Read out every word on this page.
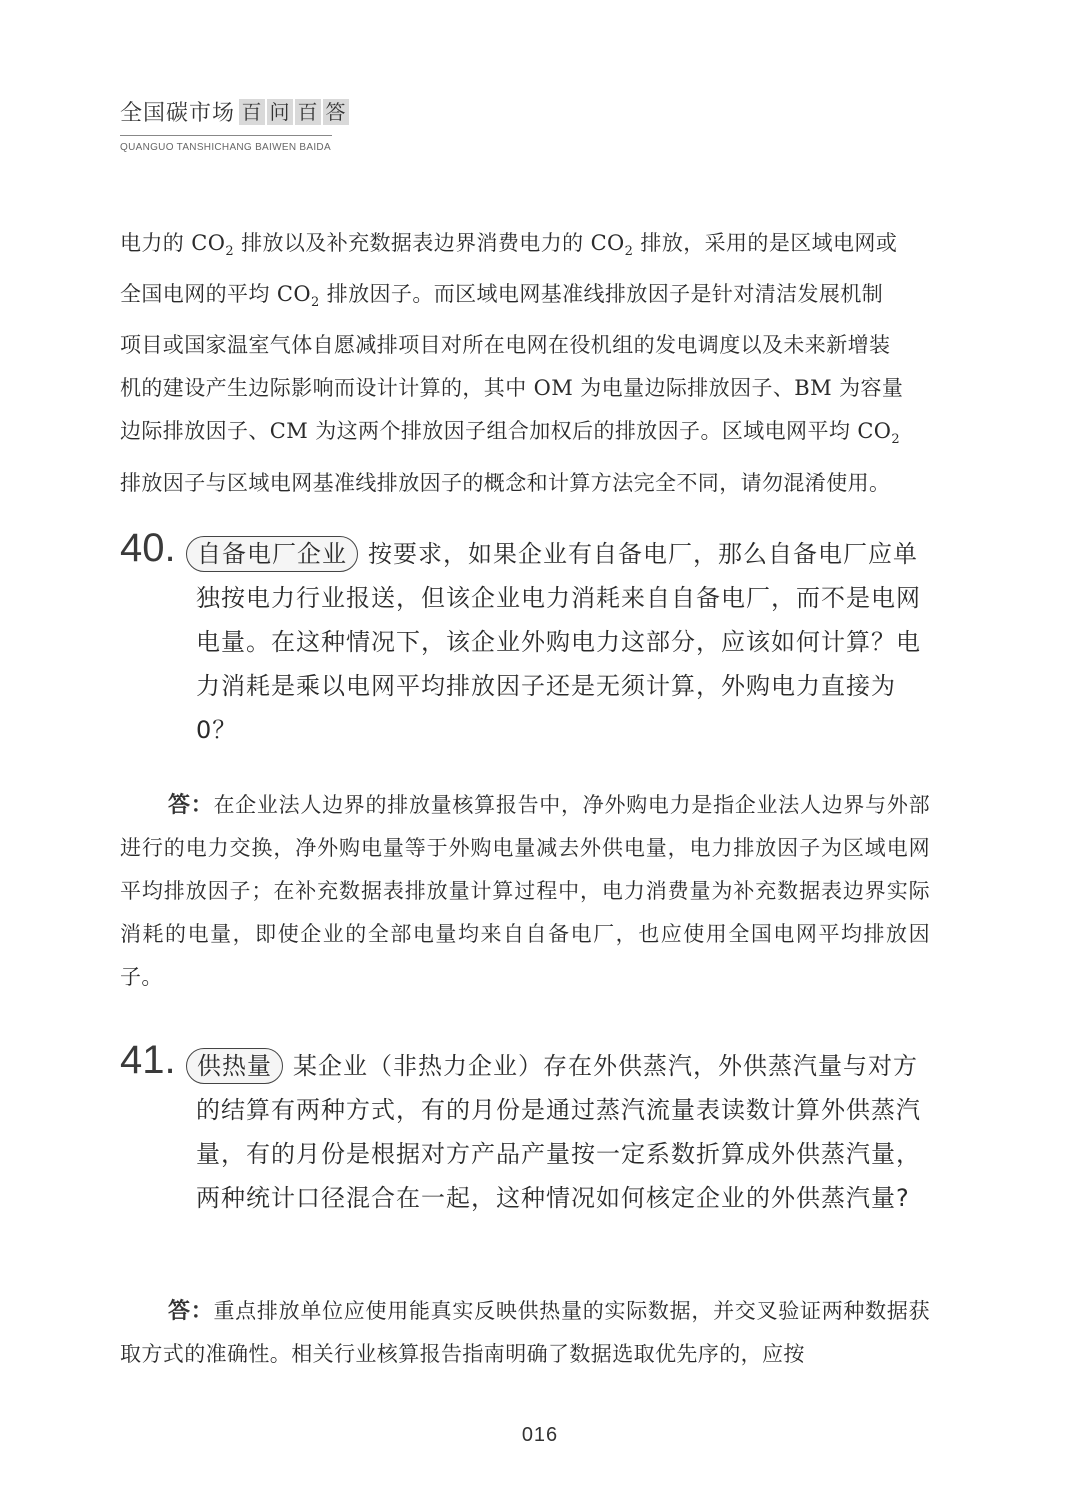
全国碳市场 百 问 百 答
QUANGUO TANSHICHANG BAIWEN BAIDA
电力的 $CO_2$ 排放以及补充数据表边界消费电力的 $CO_2$ 排放，采用的是区域电网或
全国电网的平均 $CO_2$ 排放因子。而区域电网基准线排放因子是针对清洁发展机制
项目或国家温室气体自愿减排项目对所在电网在役机组的发电调度以及未来新增装
机的建设产生边际影响而设计计算的，其中 OM 为电量边际排放因子、BM 为容量
边际排放因子、CM 为这两个排放因子组合加权后的排放因子。区域电网平均 $CO_2$
排放因子与区域电网基准线排放因子的概念和计算方法完全不同，请勿混淆使用。
40. 自备电厂企业 按要求，如果企业有自备电厂，那么自备电厂应单独按电力行业报送，但该企业电力消耗来自自备电厂，而不是电网电量。在这种情况下，该企业外购电力这部分，应该如何计算？电力消耗是乘以电网平均排放因子还是无须计算，外购电力直接为 0？
答：在企业法人边界的排放量核算报告中，净外购电力是指企业法人边界与外部进行的电力交换，净外购电量等于外购电量减去外供电量，电力排放因子为区域电网平均排放因子；在补充数据表排放量计算过程中，电力消费量为补充数据表边界实际消耗的电量，即使企业的全部电量均来自自备电厂，也应使用全国电网平均排放因子。
41. 供热量 某企业（非热力企业）存在外供蒸汽，外供蒸汽量与对方的结算有两种方式，有的月份是通过蒸汽流量表读数计算外供蒸汽量，有的月份是根据对方产品产量按一定系数折算成外供蒸汽量，两种统计口径混合在一起，这种情况如何核定企业的外供蒸汽量?
答：重点排放单位应使用能真实反映供热量的实际数据，并交叉验证两种数据获取方式的准确性。相关行业核算报告指南明确了数据选取优先序的，应按
016
